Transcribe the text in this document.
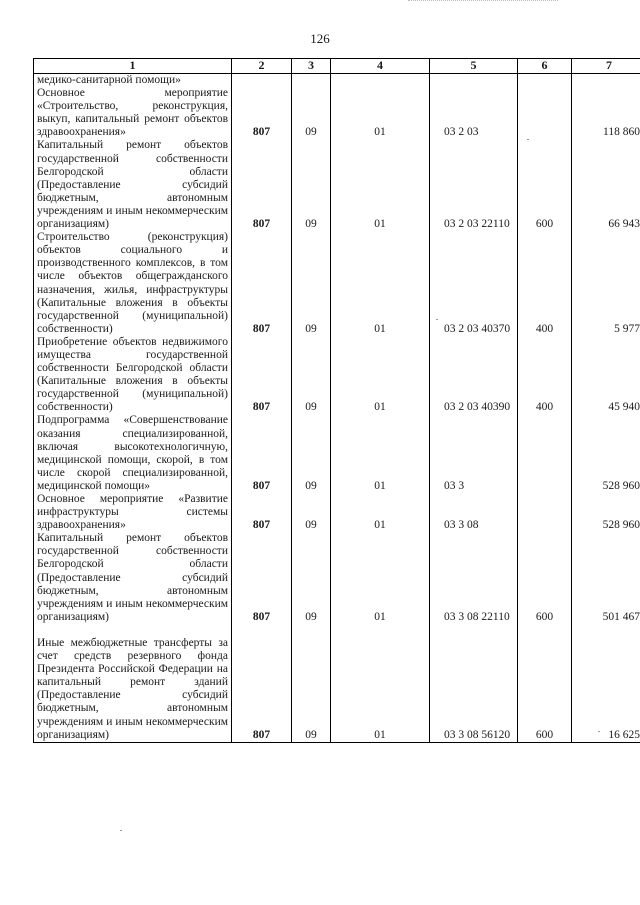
126
1	2	3	4	5	6	7
медико-санитарной помощи»						
Основное мероприятие «Строительство, реконструкция, выкуп, капитальный ремонт объектов здравоохранения»	807	09	01	03 2 03		118 860
Капитальный ремонт объектов государственной собственности Белгородской области (Предоставление субсидий бюджетным, автономным учреждениям и иным некоммерческим организациям)	807	09	01	03 2 03 22110	600	66 943
Строительство (реконструкция) объектов социального и производственного комплексов, в том числе объектов общегражданского назначения, жилья, инфраструктуры (Капитальные вложения в объекты государственной (муниципальной) собственности)	807	09	01	03 2 03 40370	400	5 977
Приобретение объектов недвижимого имущества государственной собственности Белгородской области (Капитальные вложения в объекты государственной (муниципальной) собственности)	807	09	01	03 2 03 40390	400	45 940
Подпрограмма «Совершенствование оказания специализированной, включая высокотехнологичную, медицинской помощи, скорой, в том числе скорой специализированной, медицинской помощи»	807	09	01	03 3		528 960
Основное мероприятие «Развитие инфраструктуры системы здравоохранения»	807	09	01	03 3 08		528 960
Капитальный ремонт объектов государственной собственности Белгородской области (Предоставление субсидий бюджетным, автономным учреждениям и иным некоммерческим организациям)	807	09	01	03 3 08 22110	600	501 467
Иные межбюджетные трансферты за счет средств резервного фонда Президента Российской Федерации на капитальный ремонт зданий (Предоставление субсидий бюджетным, автономным учреждениям и иным некоммерческим организациям)	807	09	01	03 3 08 56120	600	16 625
